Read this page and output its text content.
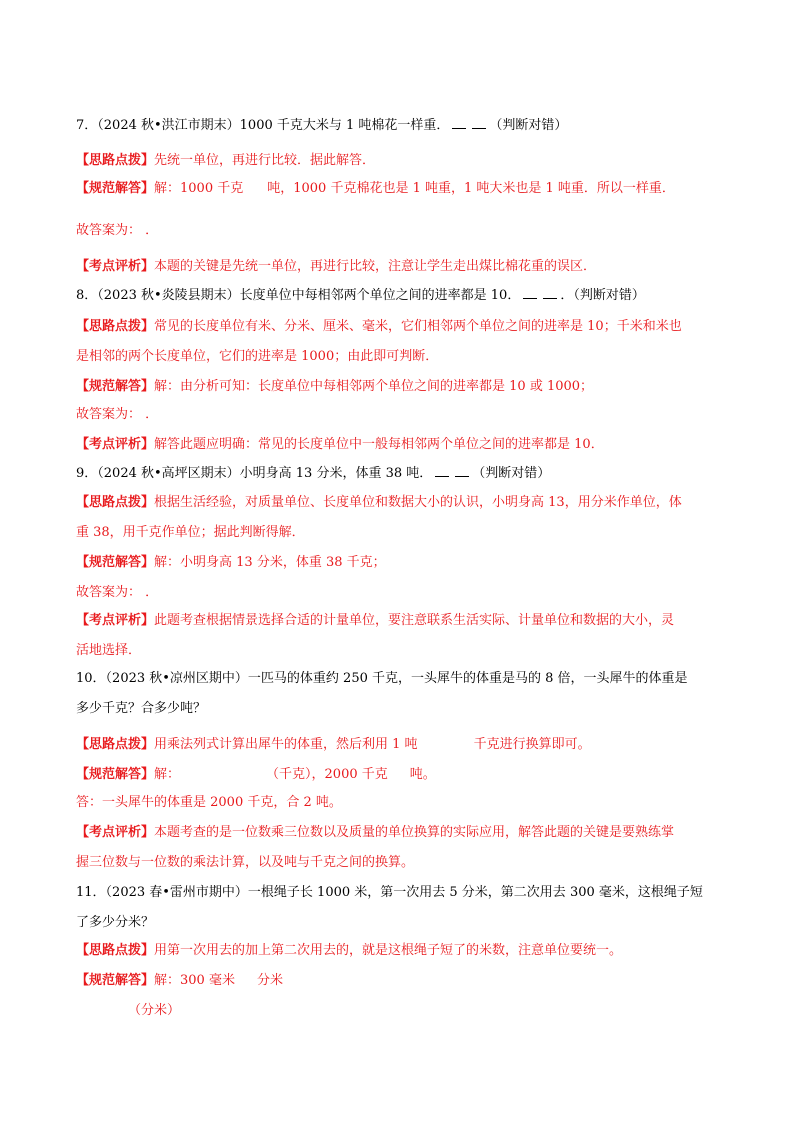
7．（2024 秋•洪江市期末）1000 千克大米与 1 吨棉花一样重．	（判断对错）
【思路点拨】先统一单位，再进行比较．据此解答．
【规范解答】解：1000 千克 吨，1000 千克棉花也是 1 吨重，1 吨大米也是 1 吨重．所以一样重．
故答案为： ．
【考点评析】本题的关键是先统一单位，再进行比较，注意让学生走出煤比棉花重的误区．
8．（2023 秋•炎陵县期末）长度单位中每相邻两个单位之间的进率都是 10．	．（判断对错）
【思路点拨】常见的长度单位有米、分米、厘米、毫米，它们相邻两个单位之间的进率是 10；千米和米也
是相邻的两个长度单位，它们的进率是 1000；由此即可判断．
【规范解答】解：由分析可知：长度单位中每相邻两个单位之间的进率都是 10 或 1000；
故答案为： ．
【考点评析】解答此题应明确：常见的长度单位中一般每相邻两个单位之间的进率都是 10．
9．（2024 秋•高坪区期末）小明身高 13 分米，体重 38 吨．	（判断对错）
【思路点拨】根据生活经验，对质量单位、长度单位和数据大小的认识，小明身高 13，用分米作单位，体
重 38，用千克作单位；据此判断得解．
【规范解答】解：小明身高 13 分米，体重 38 千克；
故答案为： ．
【考点评析】此题考查根据情景选择合适的计量单位，要注意联系生活实际、计量单位和数据的大小，灵
活地选择．
10．（2023 秋•凉州区期中）一匹马的体重约 250 千克，一头犀牛的体重是马的 8 倍，一头犀牛的体重是
多少千克？合多少吨？
【思路点拨】用乘法列式计算出犀牛的体重，然后利用 1 吨	千克进行换算即可。
【规范解答】解：	（千克），2000 千克 吨。
答：一头犀牛的体重是 2000 千克，合 2 吨。
【考点评析】本题考查的是一位数乘三位数以及质量的单位换算的实际应用，解答此题的关键是要熟练掌
握三位数与一位数的乘法计算，以及吨与千克之间的换算。
11．（2023 春•雷州市期中）一根绳子长 1000 米，第一次用去 5 分米，第二次用去 300 毫米，这根绳子短
了多少分米？
【思路点拨】用第一次用去的加上第二次用去的，就是这根绳子短了的米数，注意单位要统一。
【规范解答】解：300 毫米 分米
（分米）
